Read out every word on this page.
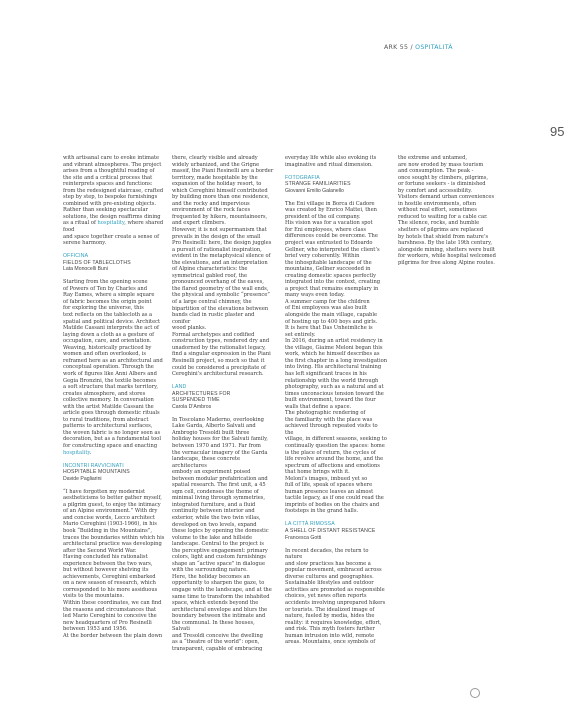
ARK 55 / OSPITALITÀ
95
with artisanal care to evoke intimate
and vibrant atmospheres. The project
arises from a thoughtful reading of
the site and a critical process that
reinterprets spaces and functions:
from the redesigned staircase, crafted
step by step, to bespoke furnishings
combined with pre-existing objects.
Rather than seeking spectacular
solutions, the design reaffirms dining
as a ritual of hospitality, where shared food
and space together create a sense of
serene harmony.

OFFICINA

FIELDS OF TABLECLOTHS

Lata Monocelli Buni

Starting from the opening scene
of Powers of Ten by Charles and
Ray Eames, where a simple square
of fabric becomes the origin point
for exploring the universe, this
text reflects on the tablecloth as a
spatial and political device. Architect
Matilde Cassani interprets the act of
laying down a cloth as a gesture of
occupation, care, and orientation.
Weaving, historically practiced by
women and often overlooked, is
reframed here as an architectural and
conceptual operation. Through the
work of figures like Anni Albers and
Gegia Bronzini, the textile becomes
a soft structure that marks territory,
creates atmosphere, and stores
collective memory. In conversation
with the artist Matilde Cassani the
article goes through domestic rituals
to rural traditions, from abstract
patterns to architectural surfaces,
the woven fabric is no longer seen as
decoration, but as a fundamental tool
for constructing space and enacting
hospitality.

INCONTRI RAVVICINATI

HOSPITABLE MOUNTAINS

Davide Pagliarini

“I have forgotten my modernist
aestheticisms to better gather myself,
a pilgrim guest, to enjoy the intimacy
of an Alpine environment.” With dry
and concise words, Lecco architect
Mario Cereghini (1903-1966), in his
book “Building in the Mountains”,
traces the boundaries within which his
architectural practice was developing
after the Second World War.
Having concluded his rationalist
experience between the two wars,
but without however shelving its
achievements, Cereghini embarked
on a new season of research, which
corresponded to his more assiduous
visits to the mountains.
Within these coordinates, we can find
the reasons and circumstances that
led Mario Cereghini to conceive the
new headquarters of Pro Resinelli
between 1953 and 1956.
At the border between the plain down
there, clearly visible and already
widely urbanized, and the Grigne
massif, the Piani Resinelli are a border
territory, made hospitable by the
expansion of the holiday resort, to
which Cereghini himself contributed
by building more than one residence,
and the rocky and impervious
environment of the rock faces
frequented by hikers, mountaineers,
and expert climbers.
However, it is not supermanism that
prevails in the design of the small
Pro Resinelli: here, the design juggles
a pursuit of rationalist inspiration,
evident in the metaphysical silence of
the elevations, and an interpretation
of Alpine characteristics: the
symmetrical gabled roof, the
pronounced overhang of the eaves,
the flared geometry of the wall ends,
the physical and symbolic “presence”
of a large central chimney, the
bipartition of the elevations between
bands clad in rustic plaster and conifer
wood planks.
Formal archetypes and codified
construction types, rendered dry and
unadorned by the rationalist legacy,
find a singular expression in the Piani
Resinelli project, so much so that it
could be considered a precipitate of
Cereghini’s architectural research.

LAND

ARCHITECTURES FOR
SUSPENDED TIME

Carola D’Ambros

In Toscolano Maderno, overlooking
Lake Garda, Alberto Salvati and
Ambrogio Tresoldi built three
holiday houses for the Salvati family,
between 1970 and 1971. Far from
the vernacular imagery of the Garda
landscape, these concrete architectures
embody an experiment poised
between modular prefabrication and
spatial research. The first unit, a 45
sqm cell, condenses the theme of
minimal living through symmetries,
integrated furniture, and a fluid
continuity between interior and
exterior, while the two twin villas,
developed on two levels, expand
these logics by opening the domestic
volume to the lake and hillside
landscape. Central to the project is
the perceptive engagement: primary
colors, light and custom furnishings
shape an “active space” in dialogue
with the surrounding nature.
Here, the holiday becomes an
opportunity to sharpen the gaze, to
engage with the landscape, and at the
same time to transform the inhabited
space, which extends beyond the
architectural envelope and blurs the
boundary between the intimate and
the communal. In these houses, Salvati
and Tresoldi conceive the dwelling
as a “theatre of the world”: open,
transparent, capable of embracing
everyday life while also evoking its
imaginative and ritual dimension.

FOTOGRAFIA

STRANGE FAMILIARITIES

Giovanni Emilio Galanello

The Eni village in Borca di Cadore
was created by Enrico Mattei, then
president of the oil company.
His vision was for a vacation spot
for Eni employees, where class
differences could be overcome. The
project was entrusted to Edoardo
Gellner, who interpreted the client’s
brief very coherently. Within
the inhospitable landscape of the
mountains, Gellner succeeded in
creating domestic spaces perfectly
integrated into the context, creating
a project that remains exemplary in
many ways even today.
A summer camp for the children
of Eni employees was also built
alongside the main village, capable
of hosting up to 400 boys and girls.
It is here that Das Unheimliche is
set entirely.
In 2016, during an artist residency in
the village, Giaime Meloni began this
work, which he himself describes as
the first chapter in a long investigation
into living. His architectural training
has left significant traces in his
relationship with the world through
photography, such as a natural and at
times unconscious tension toward the
built environment, toward the four
walls that define a space.
The photographic rendering of
the familiarity with the place was
achieved through repeated visits to the
village, in different seasons, seeking to
continually question the spaces: home
is the place of return, the cycles of
life revolve around the home, and the
spectrum of affections and emotions
that home brings with it.
Meloni’s images, imbued yet so
full of life, speak of spaces where
human presence leaves an almost
tactile legacy, as if one could read the
imprints of bodies on the chairs and
footsteps in the grand halls.

LA CITTÀ RIMOSSA

A SHELL OF DISTANT RESISTANCE

Francesca Gotti

In recent decades, the return to nature
and slow practices has become a
popular movement, embraced across
diverse cultures and geographies.
Sustainable lifestyles and outdoor
activities are promoted as responsible
choices, yet news often reports
accidents involving unprepared hikers
or tourists. The idealized image of
nature, fueled by media, hides the
reality: it requires knowledge, effort,
and risk. This myth fosters further
human intrusion into wild, remote
areas. Mountains, once symbols of
the extreme and untamed,
are now eroded by mass tourism
and consumption. The peak -
once sought by climbers, pilgrims,
or fortune seekers - is diminished
by comfort and accessibility.
Visitors demand urban conveniences
in hostile environments, often
without real effort, sometimes
reduced to waiting for a cable car.
The silence, rocks, and humble
shelters of pilgrims are replaced
by hotels that shield from nature’s
harshness. By the late 19th century,
alongside mining, shelters were built
for workers, while hospital welcomed
pilgrims for free along Alpine routes.
